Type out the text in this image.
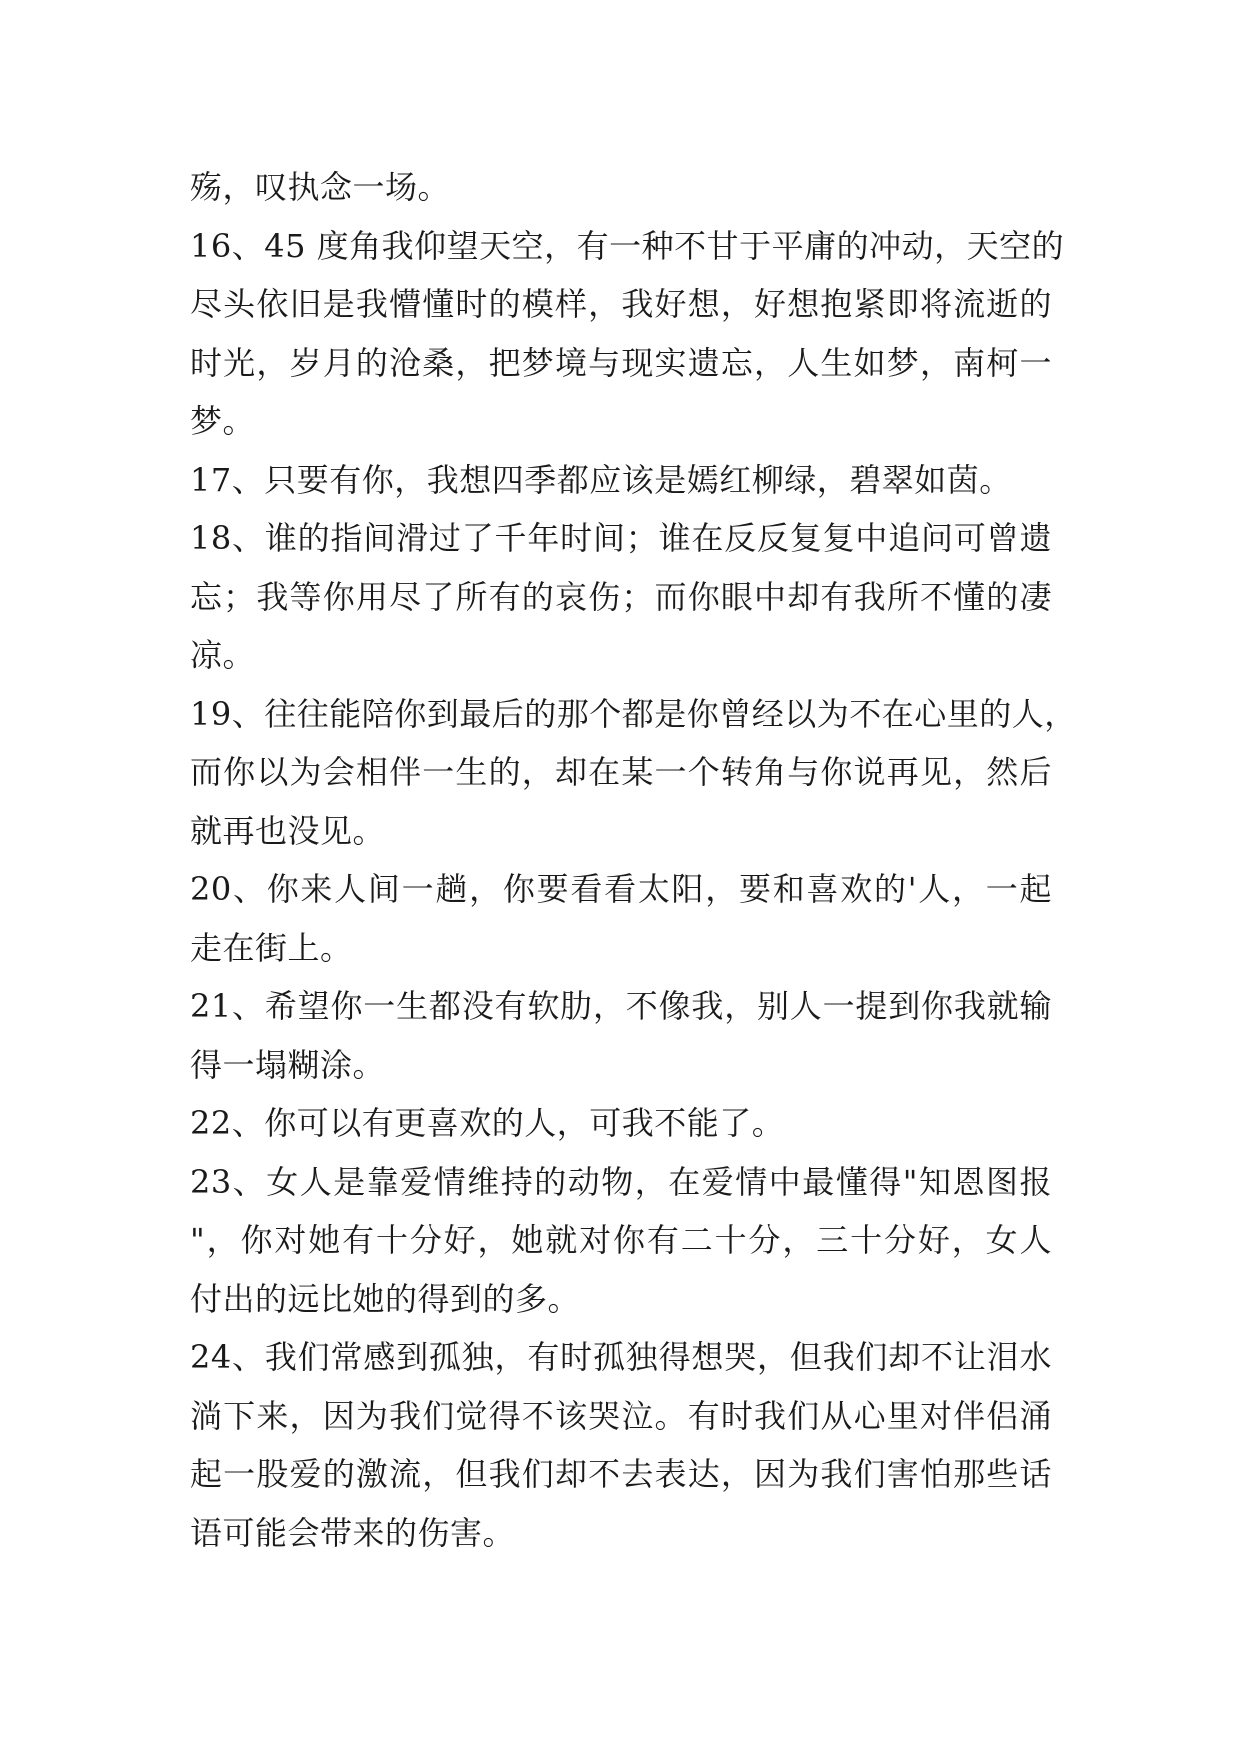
殇，叹执念一场。
16、45 度角我仰望天空，有一种不甘于平庸的冲动，天空的
尽头依旧是我懵懂时的模样，我好想，好想抱紧即将流逝的
时光，岁月的沧桑，把梦境与现实遗忘，人生如梦，南柯一
梦。
17、只要有你，我想四季都应该是嫣红柳绿，碧翠如茵。
18、谁的指间滑过了千年时间；谁在反反复复中追问可曾遗
忘；我等你用尽了所有的哀伤；而你眼中却有我所不懂的凄
凉。
19、往往能陪你到最后的那个都是你曾经以为不在心里的人，
而你以为会相伴一生的，却在某一个转角与你说再见，然后
就再也没见。
20、你来人间一趟，你要看看太阳，要和喜欢的'人，一起
走在街上。
21、希望你一生都没有软肋，不像我，别人一提到你我就输
得一塌糊涂。
22、你可以有更喜欢的人，可我不能了。
23、女人是靠爱情维持的动物，在爱情中最懂得"知恩图报
"，你对她有十分好，她就对你有二十分，三十分好，女人
付出的远比她的得到的多。
24、我们常感到孤独，有时孤独得想哭，但我们却不让泪水
淌下来，因为我们觉得不该哭泣。有时我们从心里对伴侣涌
起一股爱的激流，但我们却不去表达，因为我们害怕那些话
语可能会带来的伤害。
